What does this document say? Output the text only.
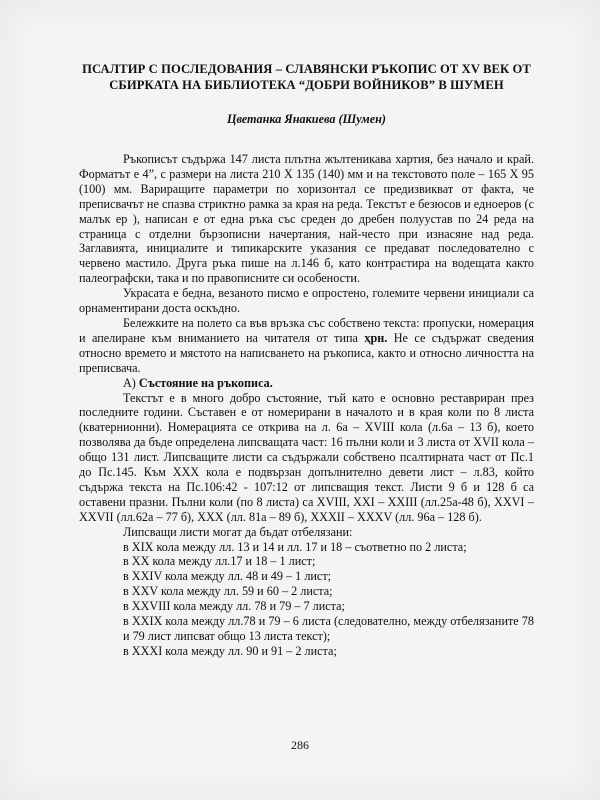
ПСАЛТИР С ПОСЛЕДОВАНИЯ – СЛАВЯНСКИ РЪКОПИС ОТ XV ВЕК ОТ СБИРКАТА НА БИБЛИОТЕКА “ДОБРИ ВОЙНИКОВ” В ШУМЕН
Цветанка Янакиева (Шумен)

Ръкописът съдържа 147 листа плътна жълтеникава хартия, без начало и край. Форматът е 4”, с размери на листа 210 X 135 (140) мм и на текстовото поле – 165 X 95 (100) мм. Вариращите параметри по хоризонтал се предизвикват от факта, че преписвачът не спазва стриктно рамка за края на реда. Текстът е безюсов и едноеров (с малък ер ), написан е от една ръка със среден до дребен полуустав по 24 реда на страница с отделни бързописни начертания, най-често при изнасяне над реда. Заглавията, инициалите и типикарските указания се предават последователно с червено мастило. Друга ръка пише на л.146 б, като контрастира на водещата както палеографски, така и по правописните си особености.

Украсата е бедна, везаното писмо е опростено, големите червени инициали са орнаментирани доста оскъдно.

Бележките на полето са във връзка със собствено текста: пропуски, номерация и апелиране към вниманието на читателя от типа ҳрн. Не се съдържат сведения относно времето и мястото на написването на ръкописа, както и относно личността на преписвача.

А) Състояние на ръкописа.

Текстът е в много добро състояние, тъй като е основно реставриран през последните години. Съставен е от номерирани в началото и в края коли по 8 листа (кватернионни). Номерацията се открива на л. 6а – XVIII кола (л.6а – 13 б), което позволява да бъде определена липсващата част: 16 пълни коли и 3 листа от XVII кола – общо 131 лист. Липсващите листи са съдържали собствено псалтирната част от Пс.1 до Пс.145. Към XXX кола е подвързан допълнително девети лист – л.83, който съдържа текста на Пс.106:42 - 107:12 от липсващия текст. Листи 9 б и 128 б са оставени празни. Пълни коли (по 8 листа) са XVIII, XXI – XXIII (лл.25а-48 б), XXVI – XXVII (лл.62а – 77 б), XXX (лл. 81а – 89 б), XXXII – XXXV (лл. 96а – 128 б).

Липсващи листи могат да бъдат отбелязани:

в XIX кола между лл. 13 и 14 и лл. 17 и 18 – съответно по 2 листа;
в XX кола между лл.17 и 18 – 1 лист;
в XXIV кола между лл. 48 и 49 – 1 лист;
в XXV кола между лл. 59 и 60 – 2 листа;
в XXVIII кола между лл. 78 и 79 – 7 листа;
в XXIX кола между лл.78 и 79 – 6 листа (следователно, между отбелязаните 78 и 79 лист липсват общо 13 листа текст);
в XXXI кола между лл. 90 и 91 – 2 листа;
286
